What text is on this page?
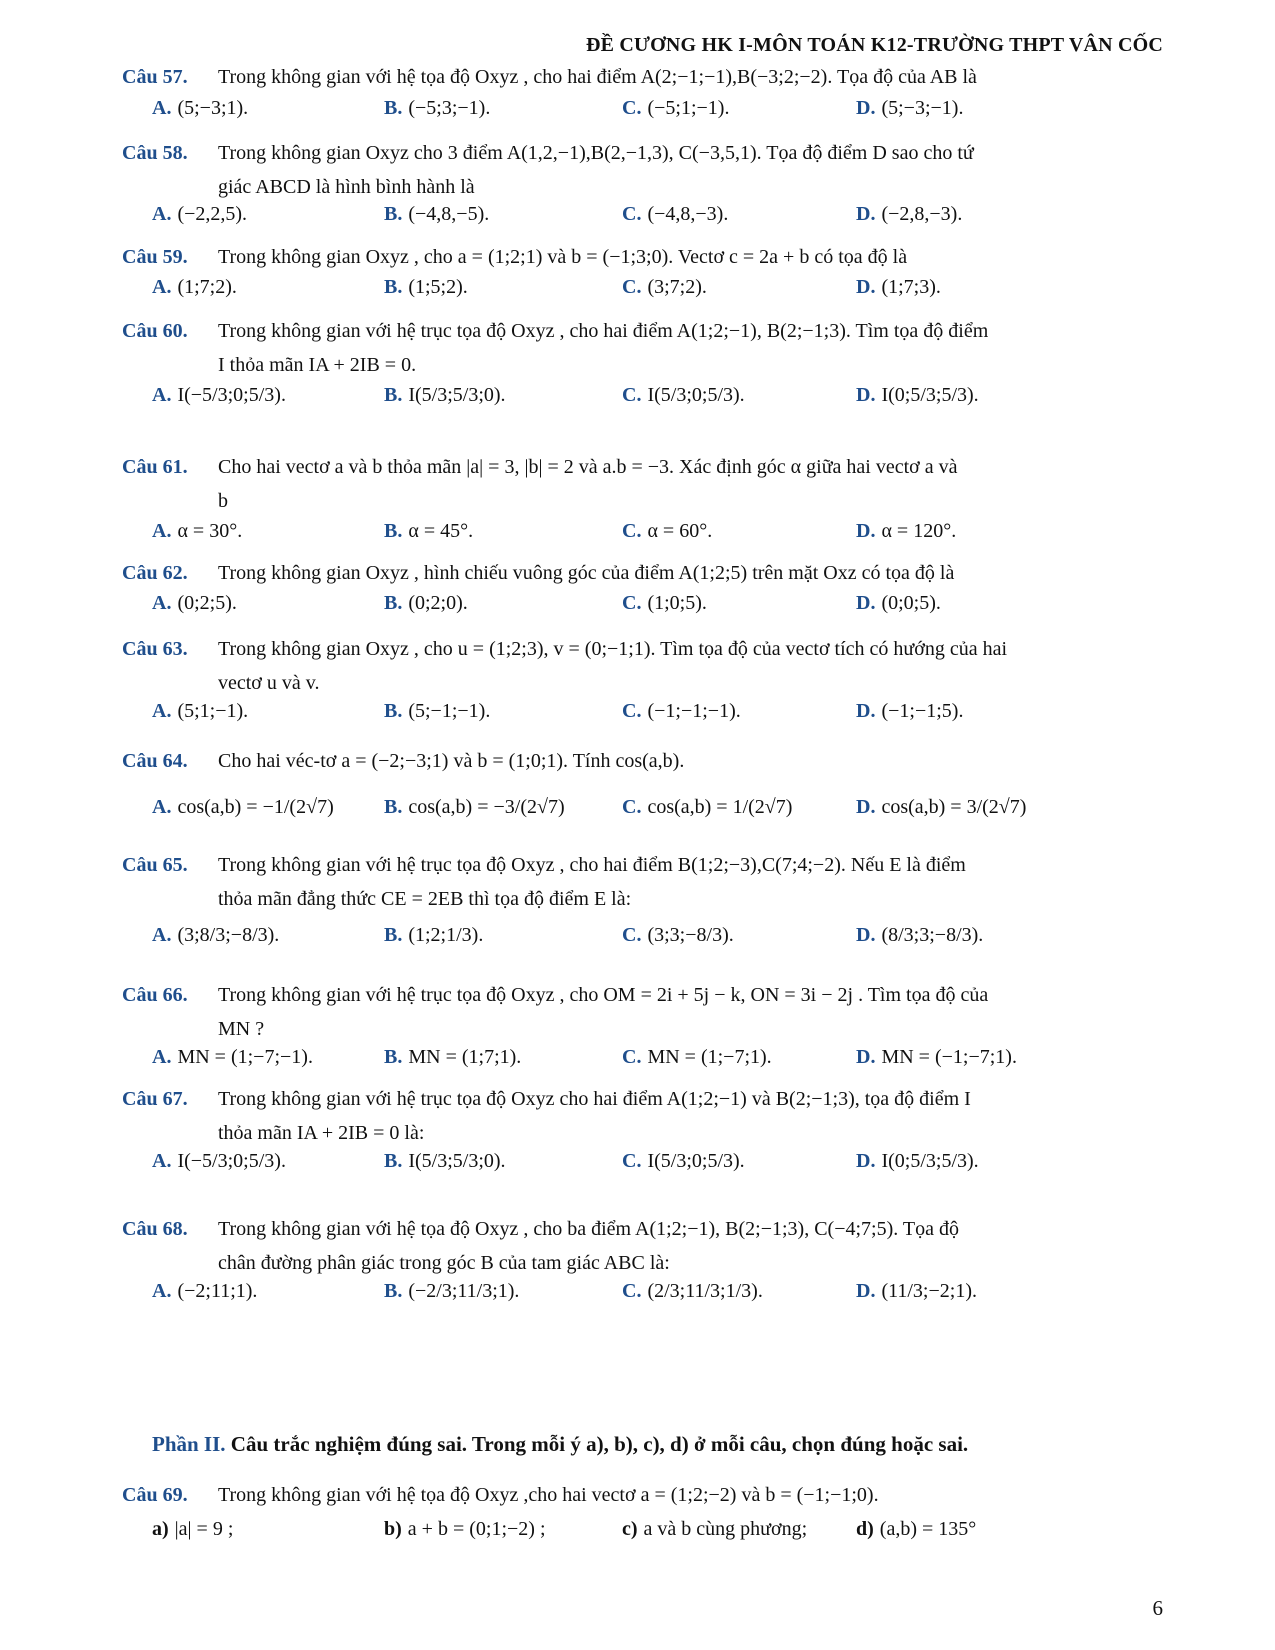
ĐỀ CƯƠNG HK I-MÔN TOÁN K12-TRƯỜNG THPT VÂN CỐC
Câu 57. Trong không gian với hệ tọa độ Oxyz , cho hai điểm A(2;−1;−1),B(−3;2;−2). Tọa độ của AB là
A. (5;−3;1).	B. (−5;3;−1).	C. (−5;1;−1).	D. (5;−3;−1).
Câu 58. Trong không gian Oxyz cho 3 điểm A(1,2,−1),B(2,−1,3), C(−3,5,1). Tọa độ điểm D sao cho tứ
giác ABCD là hình bình hành là
A. (−2,2,5).	B. (−4,8,−5).	C. (−4,8,−3).	D. (−2,8,−3).
Câu 59. Trong không gian Oxyz , cho a = (1;2;1) và b = (−1;3;0). Vectơ c = 2a + b có tọa độ là
A. (1;7;2).	B. (1;5;2).	C. (3;7;2).	D. (1;7;3).
Câu 60. Trong không gian với hệ trục tọa độ Oxyz , cho hai điểm A(1;2;−1), B(2;−1;3). Tìm tọa độ điểm
I thỏa mãn IA + 2IB = 0.
A. I(−5/3;0;5/3).	B. I(5/3;5/3;0).	C. I(5/3;0;5/3).	D. I(0;5/3;5/3).
Câu 61. Cho hai vectơ a và b thỏa mãn |a| = 3, |b| = 2 và a.b = −3. Xác định góc α giữa hai vectơ a và
b
A. α = 30°.	B. α = 45°.	C. α = 60°.	D. α = 120°.
Câu 62. Trong không gian Oxyz , hình chiếu vuông góc của điểm A(1;2;5) trên mặt Oxz có tọa độ là
A. (0;2;5).	B. (0;2;0).	C. (1;0;5).	D. (0;0;5).
Câu 63. Trong không gian Oxyz , cho u = (1;2;3), v = (0;−1;1). Tìm tọa độ của vectơ tích có hướng của hai
vectơ u và v.
A. (5;1;−1).	B. (5;−1;−1).	C. (−1;−1;−1).	D. (−1;−1;5).
Câu 64. Cho hai véc-tơ a = (−2;−3;1) và b = (1;0;1). Tính cos(a,b).
A. cos(a,b) = −1/(2√7)	B. cos(a,b) = −3/(2√7)	C. cos(a,b) = 1/(2√7)	D. cos(a,b) = 3/(2√7)
Câu 65. Trong không gian với hệ trục tọa độ Oxyz , cho hai điểm B(1;2;−3),C(7;4;−2). Nếu E là điểm
thỏa mãn đẳng thức CE = 2EB thì tọa độ điểm E là:
A. (3;8/3;−8/3).	B. (1;2;1/3).	C. (3;3;−8/3).	D. (8/3;3;−8/3).
Câu 66. Trong không gian với hệ trục tọa độ Oxyz , cho OM = 2i + 5j − k, ON = 3i − 2j . Tìm tọa độ của
MN ?
A. MN = (1;−7;−1).	B. MN = (1;7;1).	C. MN = (1;−7;1).	D. MN = (−1;−7;1).
Câu 67. Trong không gian với hệ trục tọa độ Oxyz cho hai điểm A(1;2;−1) và B(2;−1;3), tọa độ điểm I
thỏa mãn IA + 2IB = 0 là:
A. I(−5/3;0;5/3).	B. I(5/3;5/3;0).	C. I(5/3;0;5/3).	D. I(0;5/3;5/3).
Câu 68. Trong không gian với hệ tọa độ Oxyz , cho ba điểm A(1;2;−1), B(2;−1;3), C(−4;7;5). Tọa độ
chân đường phân giác trong góc B của tam giác ABC là:
A. (−2;11;1).	B. (−2/3;11/3;1).	C. (2/3;11/3;1/3).	D. (11/3;−2;1).
Phần II. Câu trắc nghiệm đúng sai. Trong mỗi ý a), b), c), d) ở mỗi câu, chọn đúng hoặc sai.
Câu 69. Trong không gian với hệ tọa độ Oxyz ,cho hai vectơ a = (1;2;−2) và b = (−1;−1;0).
a) |a| = 9 ;	b) a + b = (0;1;−2) ;	c) a và b cùng phương; d) (a,b) = 135°
6
